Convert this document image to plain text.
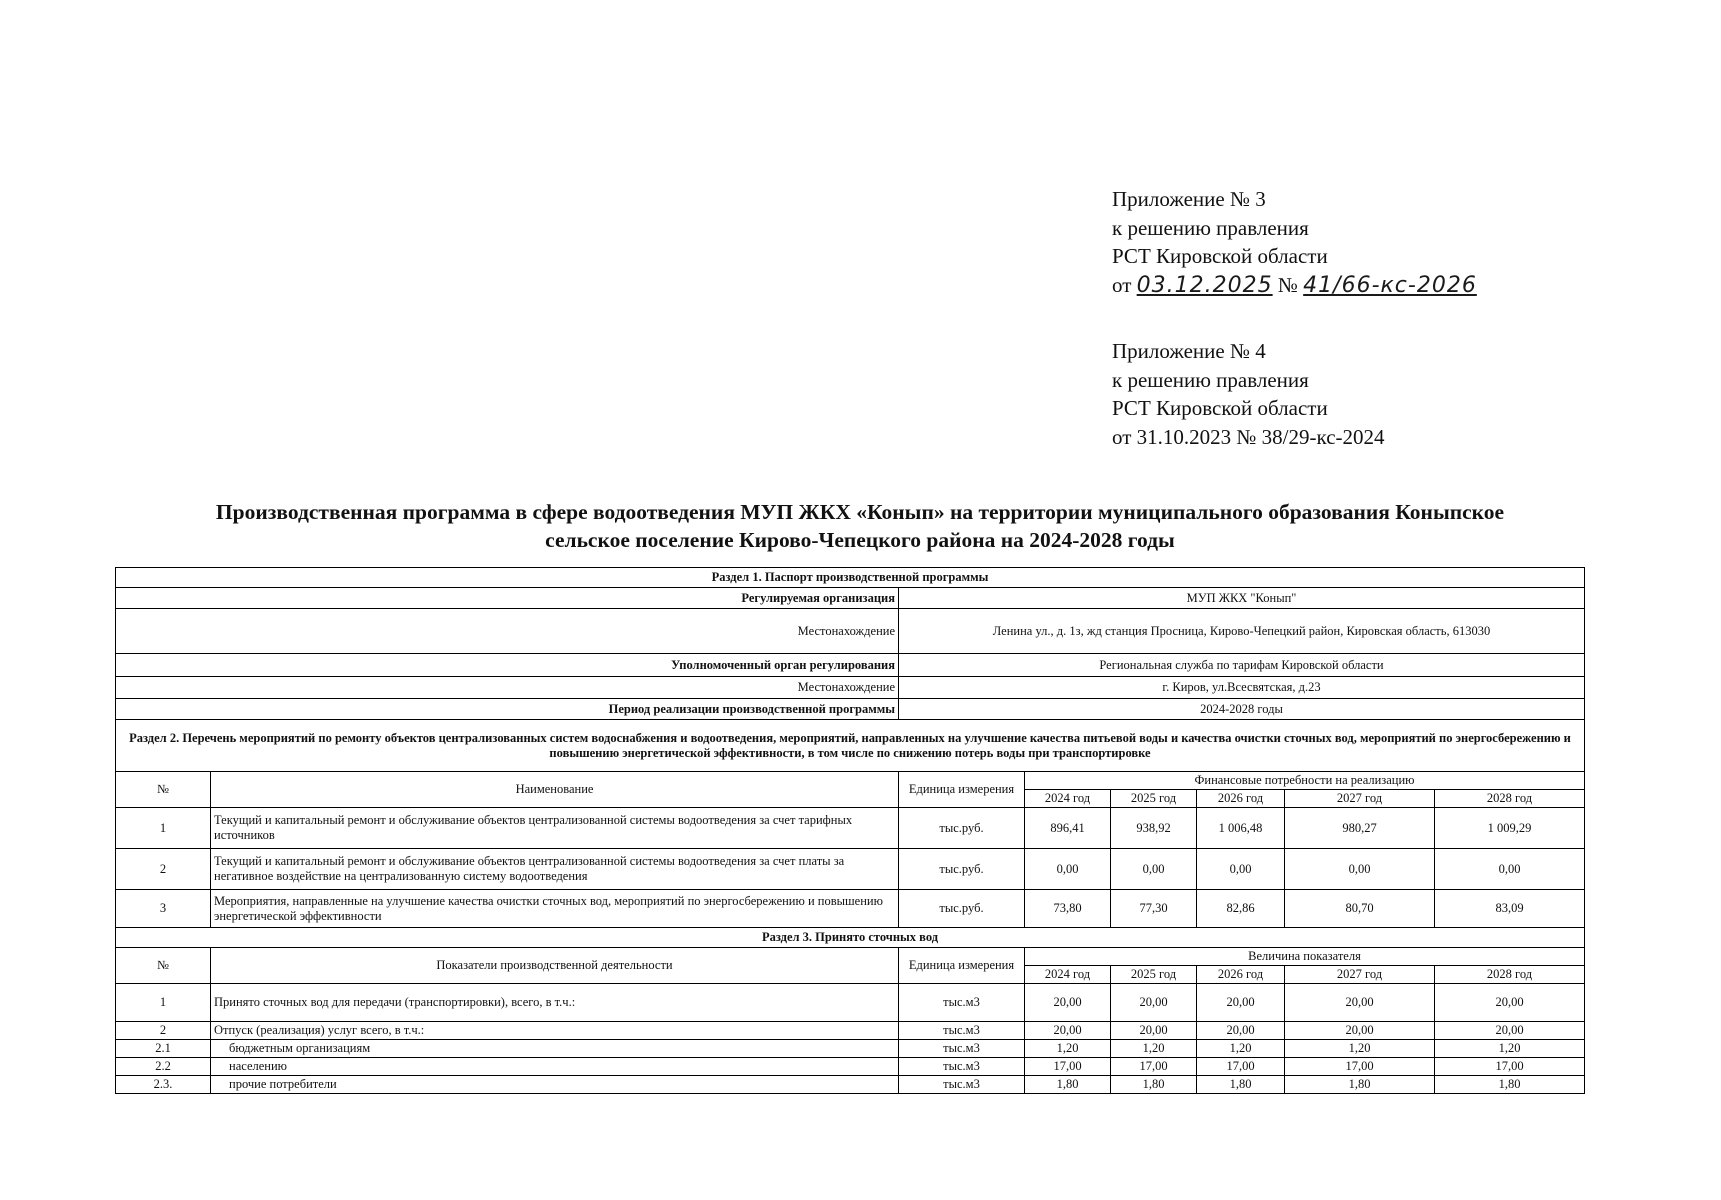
Приложение № 3
к решению правления
РСТ Кировской области
от 03.12.2025 № 41/66-кс-2026
Приложение № 4
к решению правления
РСТ Кировской области
от 31.10.2023 № 38/29-кс-2024
Производственная программа в сфере водоотведения МУП ЖКХ «Конып» на территории муниципального образования Коныпское
сельское поселение Кирово-Чепецкого района на 2024-2028 годы
Раздел 1. Паспорт производственной программы							
Регулируемая организация		МУП ЖКХ "Конып"					
Местонахождение		Ленина ул., д. 1з, жд станция Просница, Кирово-Чепецкий район, Кировская область, 613030					
Уполномоченный орган регулирования		Региональная служба по тарифам Кировской области					
Местонахождение		г. Киров, ул.Всесвятская, д.23					
Период реализации производственной программы		2024-2028 годы					
Раздел 2. Перечень мероприятий по ремонту объектов централизованных систем водоснабжения и водоотведения, мероприятий, направленных на улучшение качества питьевой воды и качества очистки сточных вод, мероприятий по энергосбережению и повышению энергетической эффективности, в том числе по снижению потерь воды при транспортировке							
№	Наименование	Единица измерения	Финансовые потребности на реализацию				
			2024 год	2025 год	2026 год	2027 год	2028 год
1	Текущий и капитальный ремонт и обслуживание объектов централизованной системы водоотведения за счет тарифных источников	тыс.руб.	896,41	938,92	1 006,48	980,27	1 009,29
2	Текущий и капитальный ремонт и обслуживание объектов централизованной системы водоотведения за счет платы за негативное воздействие на централизованную систему водоотведения	тыс.руб.	0,00	0,00	0,00	0,00	0,00
3	Мероприятия, направленные на улучшение качества очистки сточных вод, мероприятий по энергосбережению и повышению энергетической эффективности	тыс.руб.	73,80	77,30	82,86	80,70	83,09
Раздел 3. Принято сточных вод							
№	Показатели производственной деятельности	Единица измерения	Величина показателя				
			2024 год	2025 год	2026 год	2027 год	2028 год
1	Принято сточных вод для передачи (транспортировки), всего, в т.ч.:	тыс.м3	20,00	20,00	20,00	20,00	20,00
2	Отпуск (реализация) услуг всего, в т.ч.:	тыс.м3	20,00	20,00	20,00	20,00	20,00
2.1	бюджетным организациям	тыс.м3	1,20	1,20	1,20	1,20	1,20
2.2	населению	тыс.м3	17,00	17,00	17,00	17,00	17,00
2.3.	прочие потребители	тыс.м3	1,80	1,80	1,80	1,80	1,80
